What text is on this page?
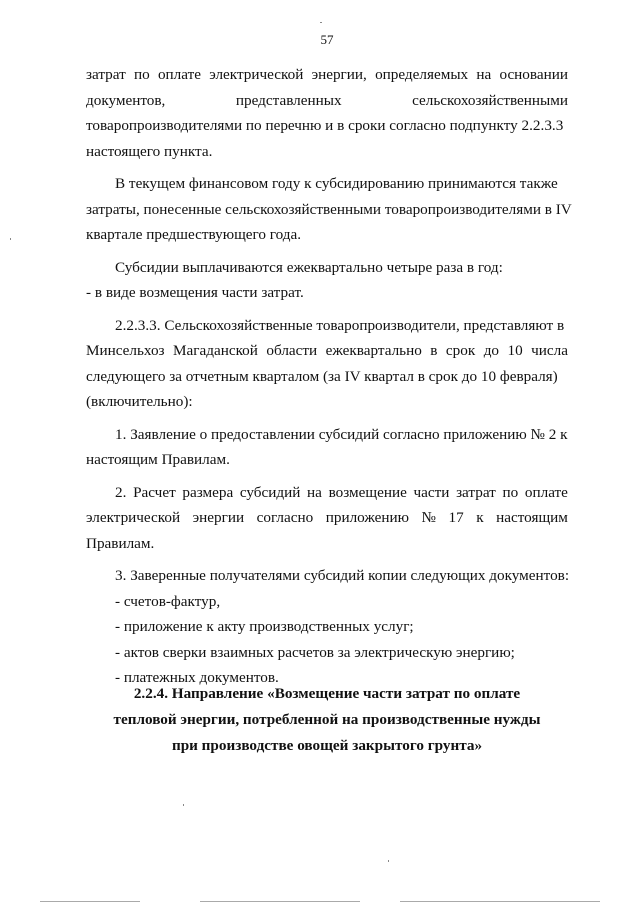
57
затрат по оплате электрической энергии, определяемых на основании
документов,	представленных	сельскохозяйственными
товаропроизводителями по перечню и в сроки согласно подпункту 2.2.3.3
настоящего пункта.
В текущем финансовом году к субсидированию принимаются также
затраты, понесенные сельскохозяйственными товаропроизводителями в IV
квартале предшествующего года.
Субсидии выплачиваются ежеквартально четыре раза в год:
- в виде возмещения части затрат.
2.2.3.3. Сельскохозяйственные товаропроизводители, представляют в
Минсельхоз Магаданской области ежеквартально в срок до 10 числа
следующего за отчетным кварталом (за IV квартал в срок до 10 февраля)
(включительно):
1. Заявление о предоставлении субсидий согласно приложению № 2 к
настоящим Правилам.
2. Расчет размера субсидий на возмещение части затрат по оплате
электрической энергии согласно приложению № 17 к настоящим
Правилам.
3. Заверенные получателями субсидий копии следующих документов:
- счетов-фактур,
- приложение к акту производственных услуг;
- актов сверки взаимных расчетов за электрическую энергию;
- платежных документов.
2.2.4. Направление «Возмещение части затрат по оплате
тепловой энергии, потребленной на производственные нужды
при производстве овощей закрытого грунта»
